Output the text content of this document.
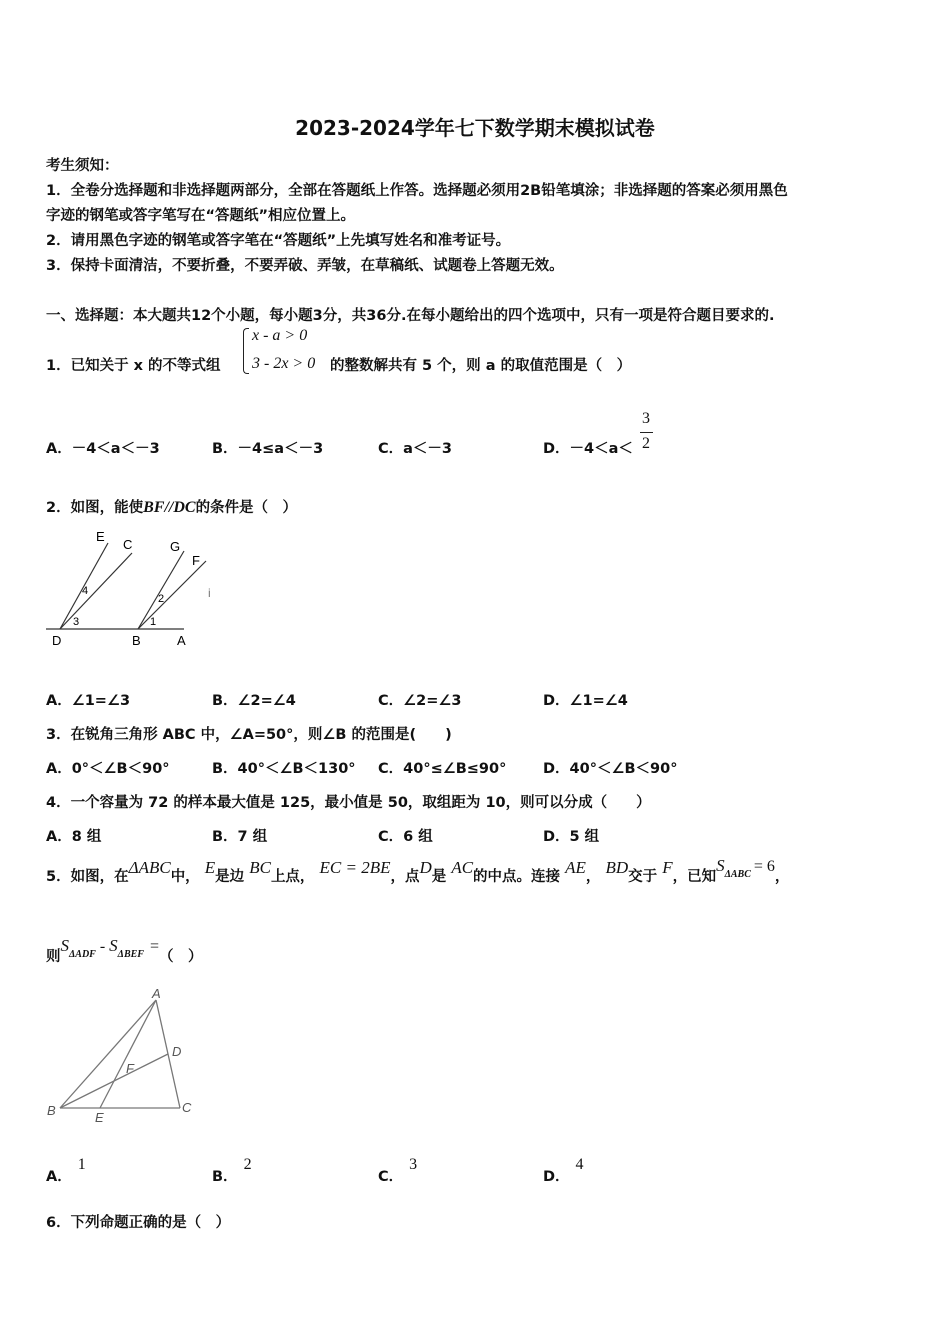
2023-2024学年七下数学期末模拟试卷
考生须知：
1．全卷分选择题和非选择题两部分，全部在答题纸上作答。选择题必须用2B铅笔填涂；非选择题的答案必须用黑色
字迹的钢笔或答字笔写在“答题纸”相应位置上。
2．请用黑色字迹的钢笔或答字笔在“答题纸”上先填写姓名和准考证号。
3．保持卡面清洁，不要折叠，不要弄破、弄皱，在草稿纸、试题卷上答题无效。
一、选择题：本大题共12个小题，每小题3分，共36分.在每小题给出的四个选项中，只有一项是符合题目要求的.
1．已知关于 x 的不等式组
x - a > 0
3 - 2x > 0 的整数解共有 5 个，则 a 的取值范围是（　）
A．－4＜a＜－3	B．－4≤a＜－3	C．a＜－3	D．－4＜a＜
3
2
2．如图，能使BF//DC的条件是（　）
E
C	G
F
D	B	A
1
2
3
4	i
A．∠1=∠3	B．∠2=∠4	C．∠2=∠3	D．∠1=∠4
3．在锐角三角形 ABC 中，∠A=50°，则∠B 的范围是(　　)
A．0°＜∠B＜90°	B．40°＜∠B＜130° C．40°≤∠B≤90°	D．40°＜∠B＜90°
4．一个容量为 72 的样本最大值是 125，最小值是 50，取组距为 10，则可以分成（　　）
A．8 组	B．7 组	C．6 组	D．5 组
5．如图，在ΔABC中， E是边 BC上点， EC = 2BE，点D是 AC的中点。连接 AE， BD交于 F，已知$S^{\Delta ABC} = 6$，
则$S^{\Delta ADF} - S^{\Delta BEF}$ =（　）
A
B	C
D
E
F
A．1
B．2
C．3
D．4
6．下列命题正确的是（　）
